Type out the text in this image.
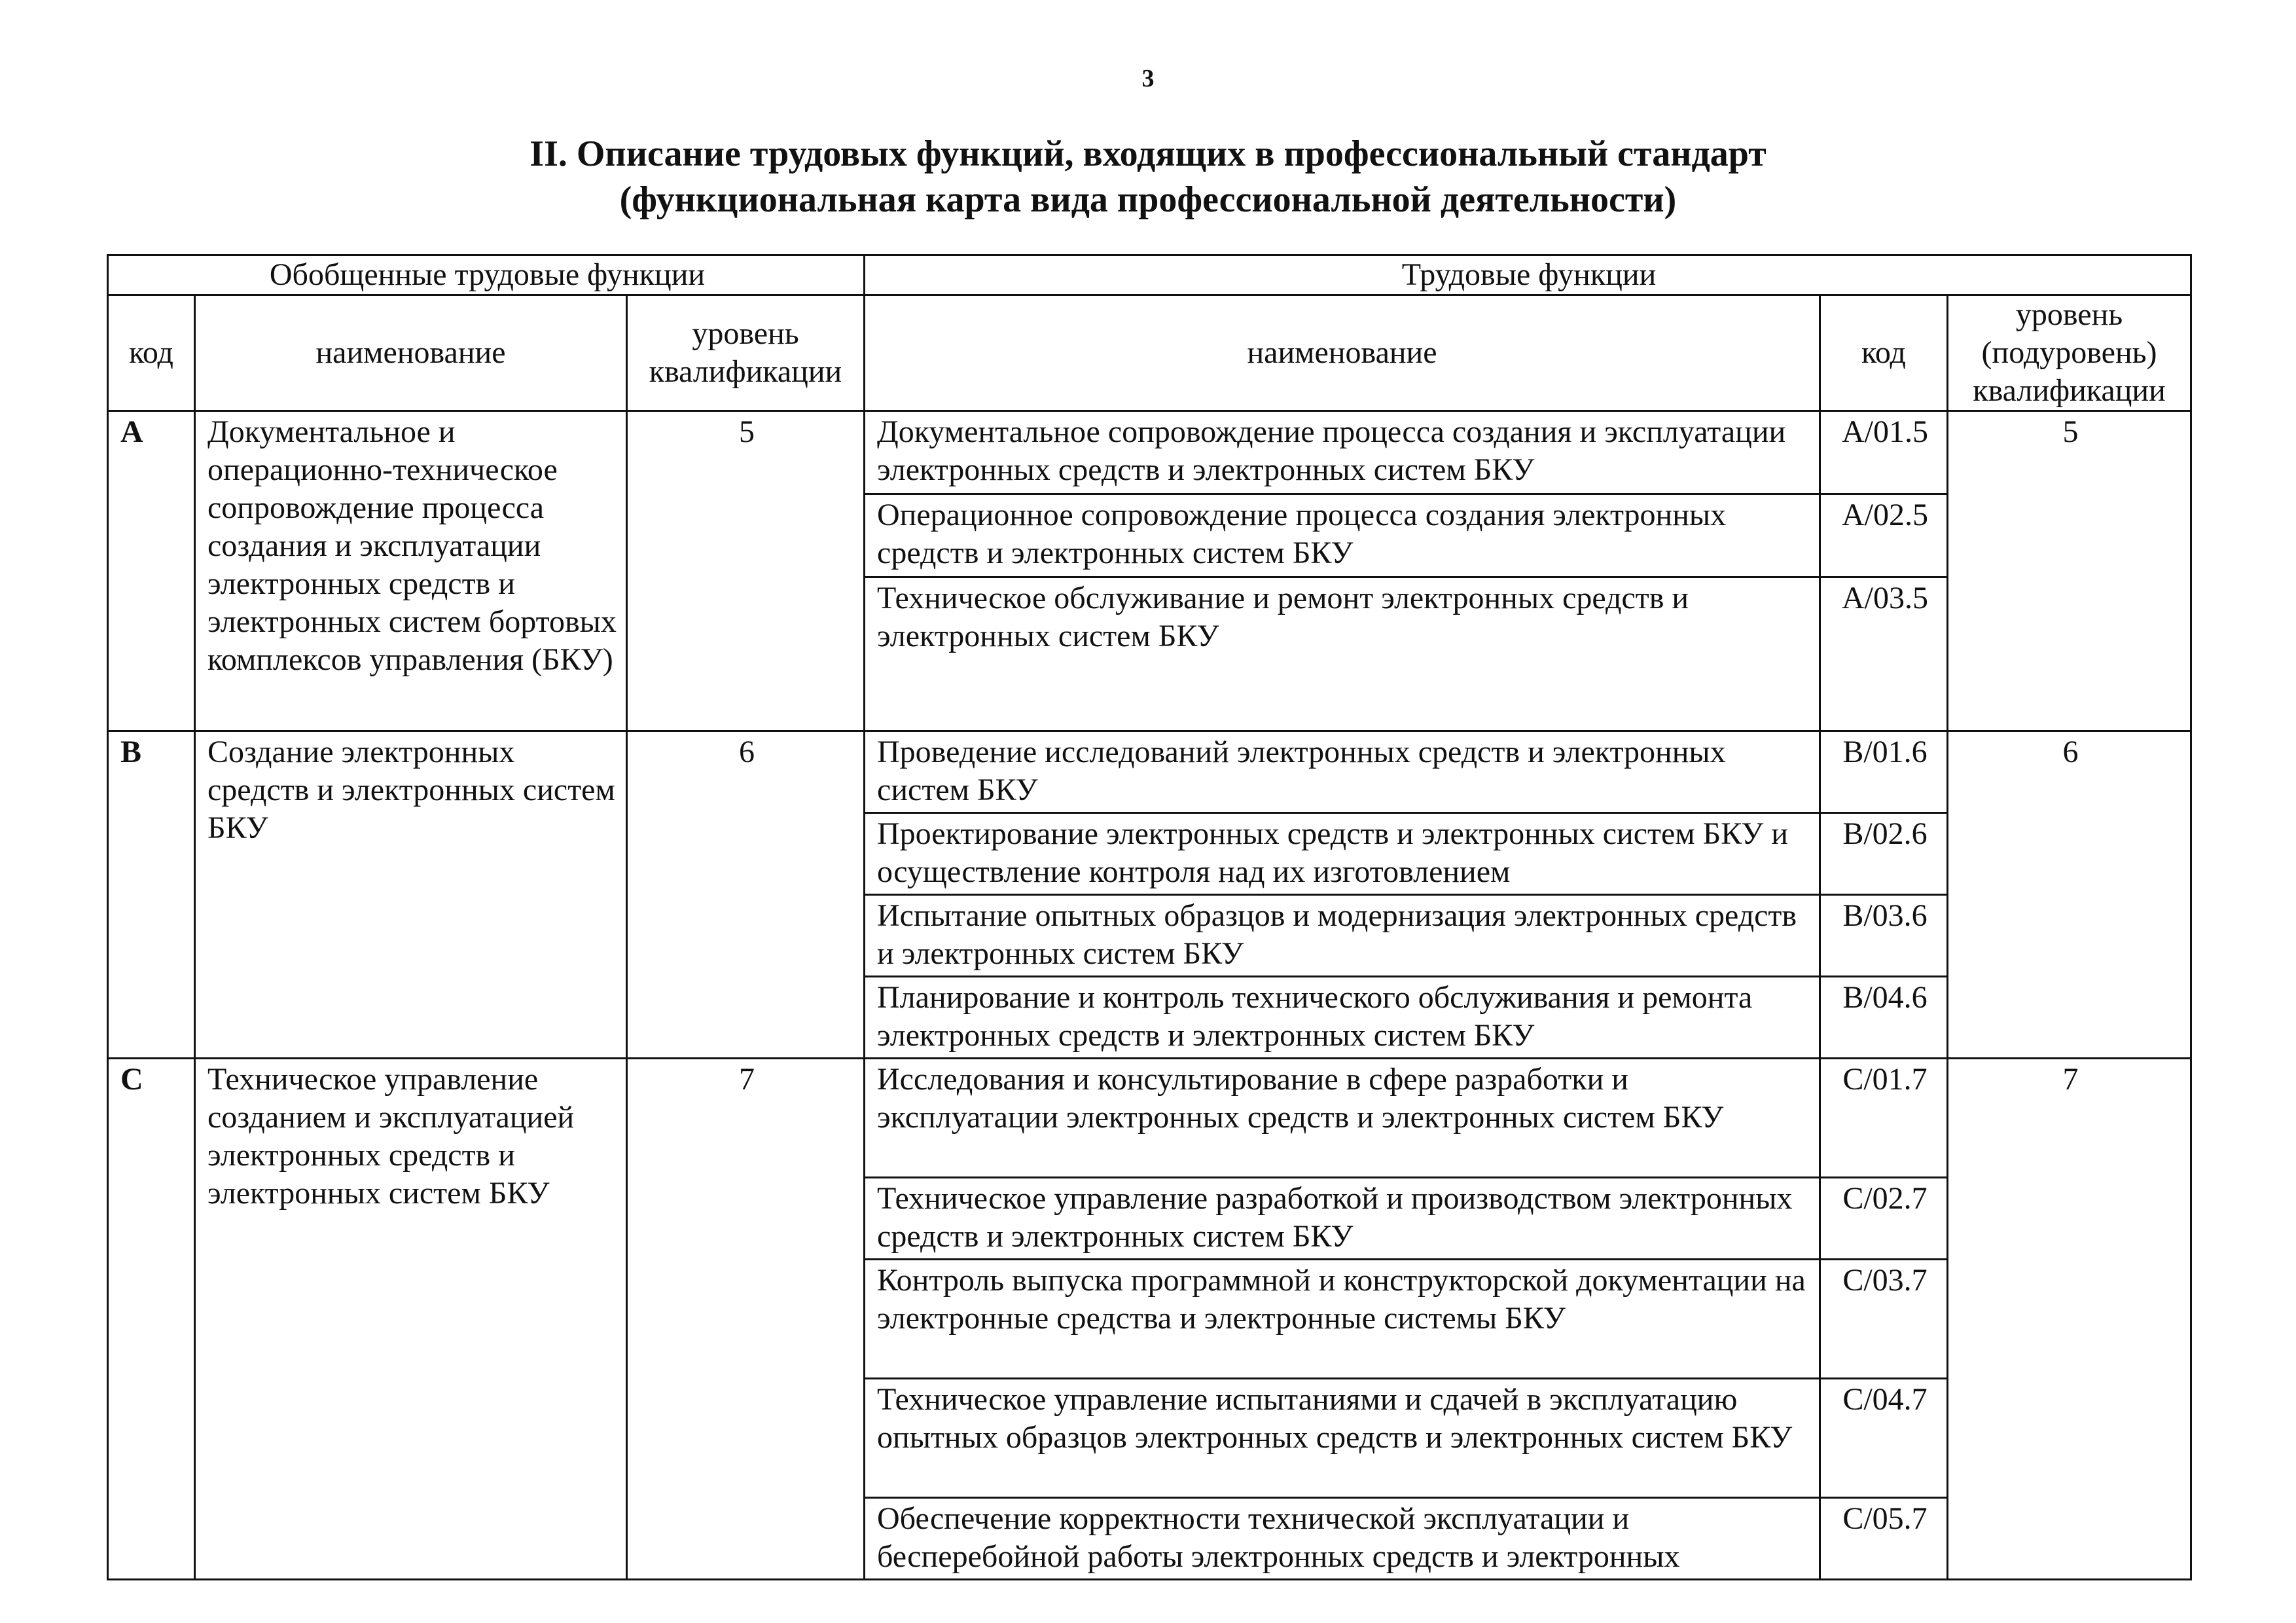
3
II. Описание трудовых функций, входящих в профессиональный стандарт
(функциональная карта вида профессиональной деятельности)
Обобщенные трудовые функции			Трудовые функции		
код	наименование	уровень квалификации	наименование	код	уровень (подуровень) квалификации
A	Документальное и операционно-техническое сопровождение процесса создания и эксплуатации электронных средств и электронных систем бортовых комплексов управления (БКУ)	5	Документальное сопровождение процесса создания и эксплуатации электронных средств и электронных систем БКУ	A/01.5	5
			Операционное сопровождение процесса создания электронных средств и электронных систем БКУ	A/02.5	
			Техническое обслуживание и ремонт электронных средств и электронных систем БКУ	A/03.5	
B	Создание электронных средств и электронных систем БКУ	6	Проведение исследований электронных средств и электронных систем БКУ	B/01.6	6
			Проектирование электронных средств и электронных систем БКУ и осуществление контроля над их изготовлением	B/02.6	
			Испытание опытных образцов и модернизация электронных средств и электронных систем БКУ	B/03.6	
			Планирование и контроль технического обслуживания и ремонта электронных средств и электронных систем БКУ	B/04.6	
C	Техническое управление созданием и эксплуатацией электронных средств и электронных систем БКУ	7	Исследования и консультирование в сфере разработки и эксплуатации электронных средств и электронных систем БКУ	C/01.7	7
			Техническое управление разработкой и производством электронных средств и электронных систем БКУ	C/02.7	
			Контроль выпуска программной и конструкторской документации на электронные средства и электронные системы БКУ	C/03.7	
			Техническое управление испытаниями и сдачей в эксплуатацию опытных образцов электронных средств и электронных систем БКУ	C/04.7	
			Обеспечение корректности технической эксплуатации и бесперебойной работы электронных средств и электронных	C/05.7	
